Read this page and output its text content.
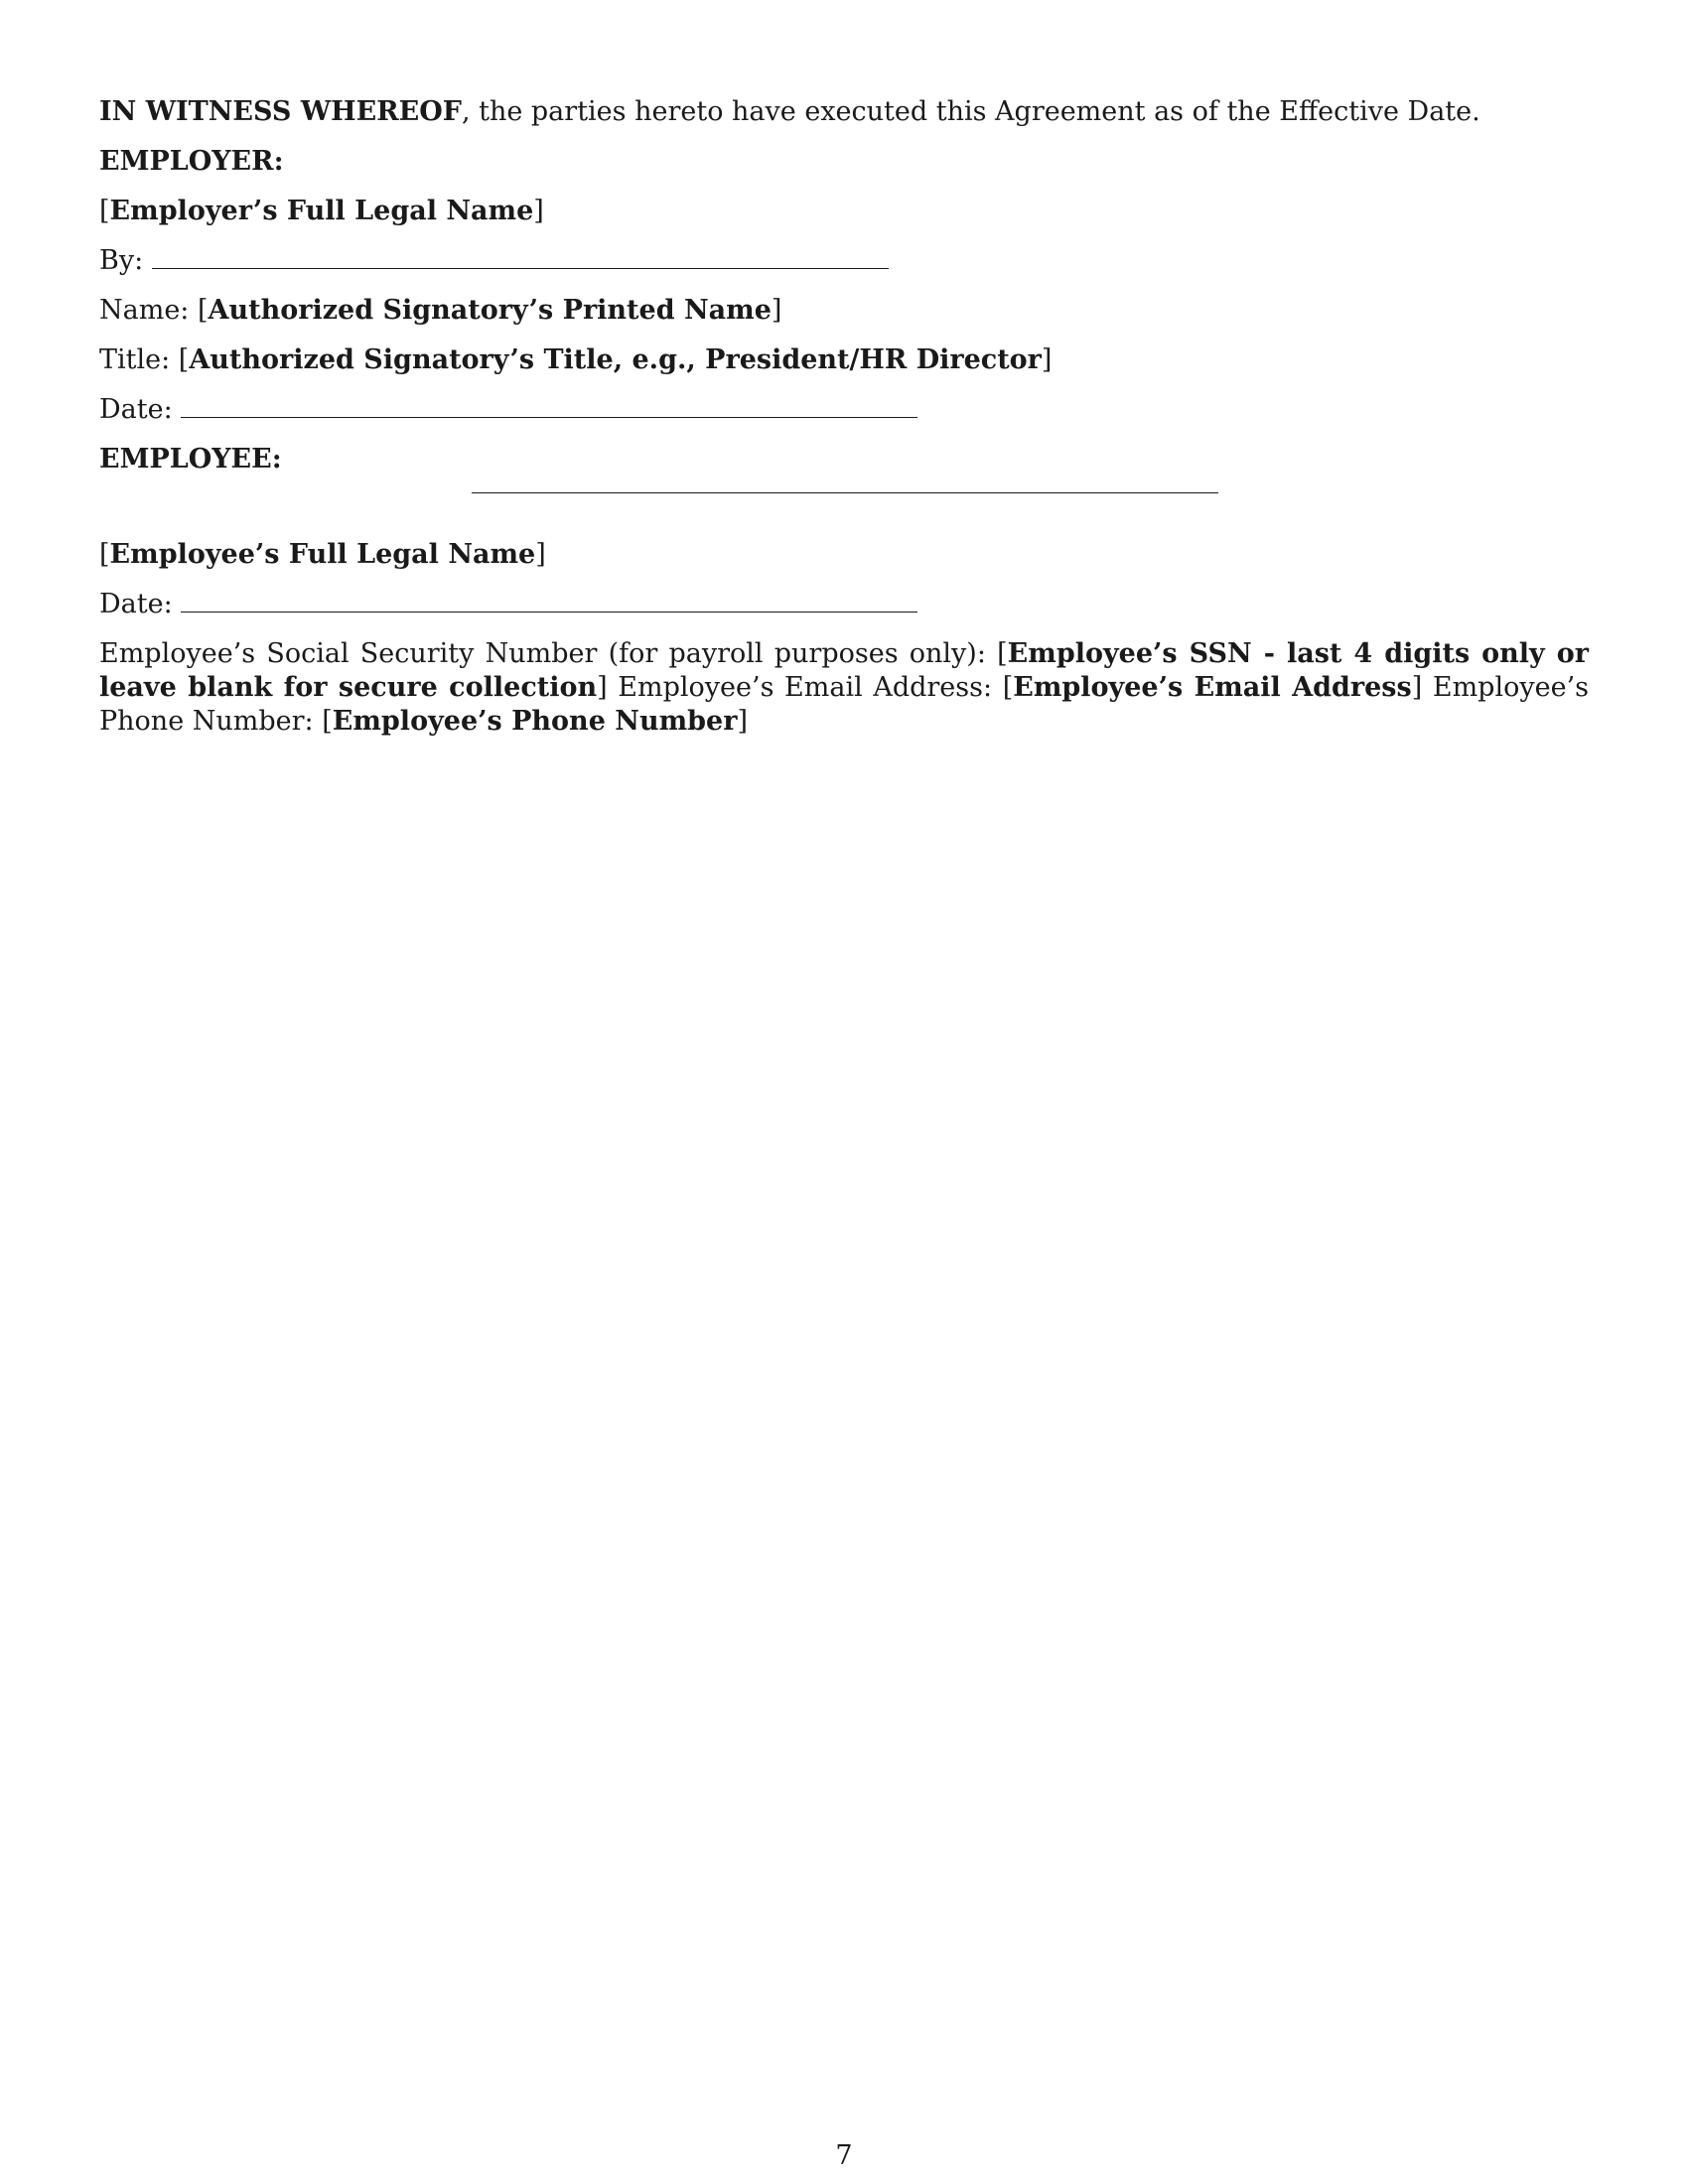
IN WITNESS WHEREOF, the parties hereto have executed this Agreement as of the Effective Date.
EMPLOYER:
[Employer’s Full Legal Name]
By:
Name: [Authorized Signatory’s Printed Name]
Title: [Authorized Signatory’s Title, e.g., President/HR Director]
Date:
EMPLOYEE:
[Employee’s Full Legal Name]
Date:
Employee’s Social Security Number (for payroll purposes only): [Employee’s SSN - last 4 digits only or leave blank for secure collection] Employee’s Email Address: [Employee’s Email Address] Employee’s Phone Number: [Employee’s Phone Number]
7
